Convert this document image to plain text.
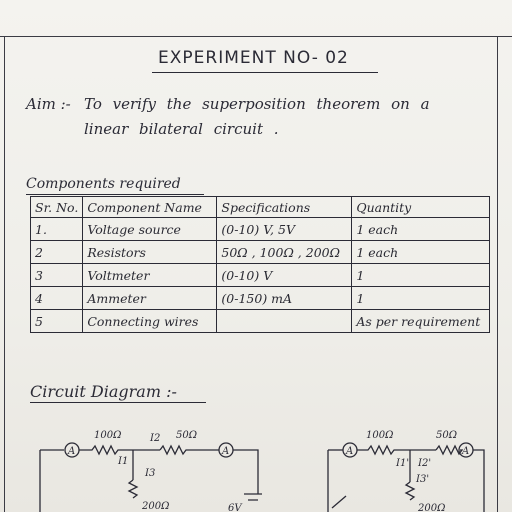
EXPERIMENT NO- 02
Aim :- To verify the superposition theorem on a
linear bilateral circuit .
Components required
Sr. No.	Component Name	Specifications	Quantity
1.	Voltage source	(0-10) V, 5V	1 each
2	Resistors	50Ω , 100Ω , 200Ω	1 each
3	Voltmeter	(0-10) V	1
4	Ammeter	(0-150) mA	1
5	Connecting wires		As per requirement
Circuit Diagram :-
A	A	A	A
100Ω	50Ω
I2
I1
I3
200Ω	6V
100Ω	50Ω
I1' I2'
I3'
200Ω
